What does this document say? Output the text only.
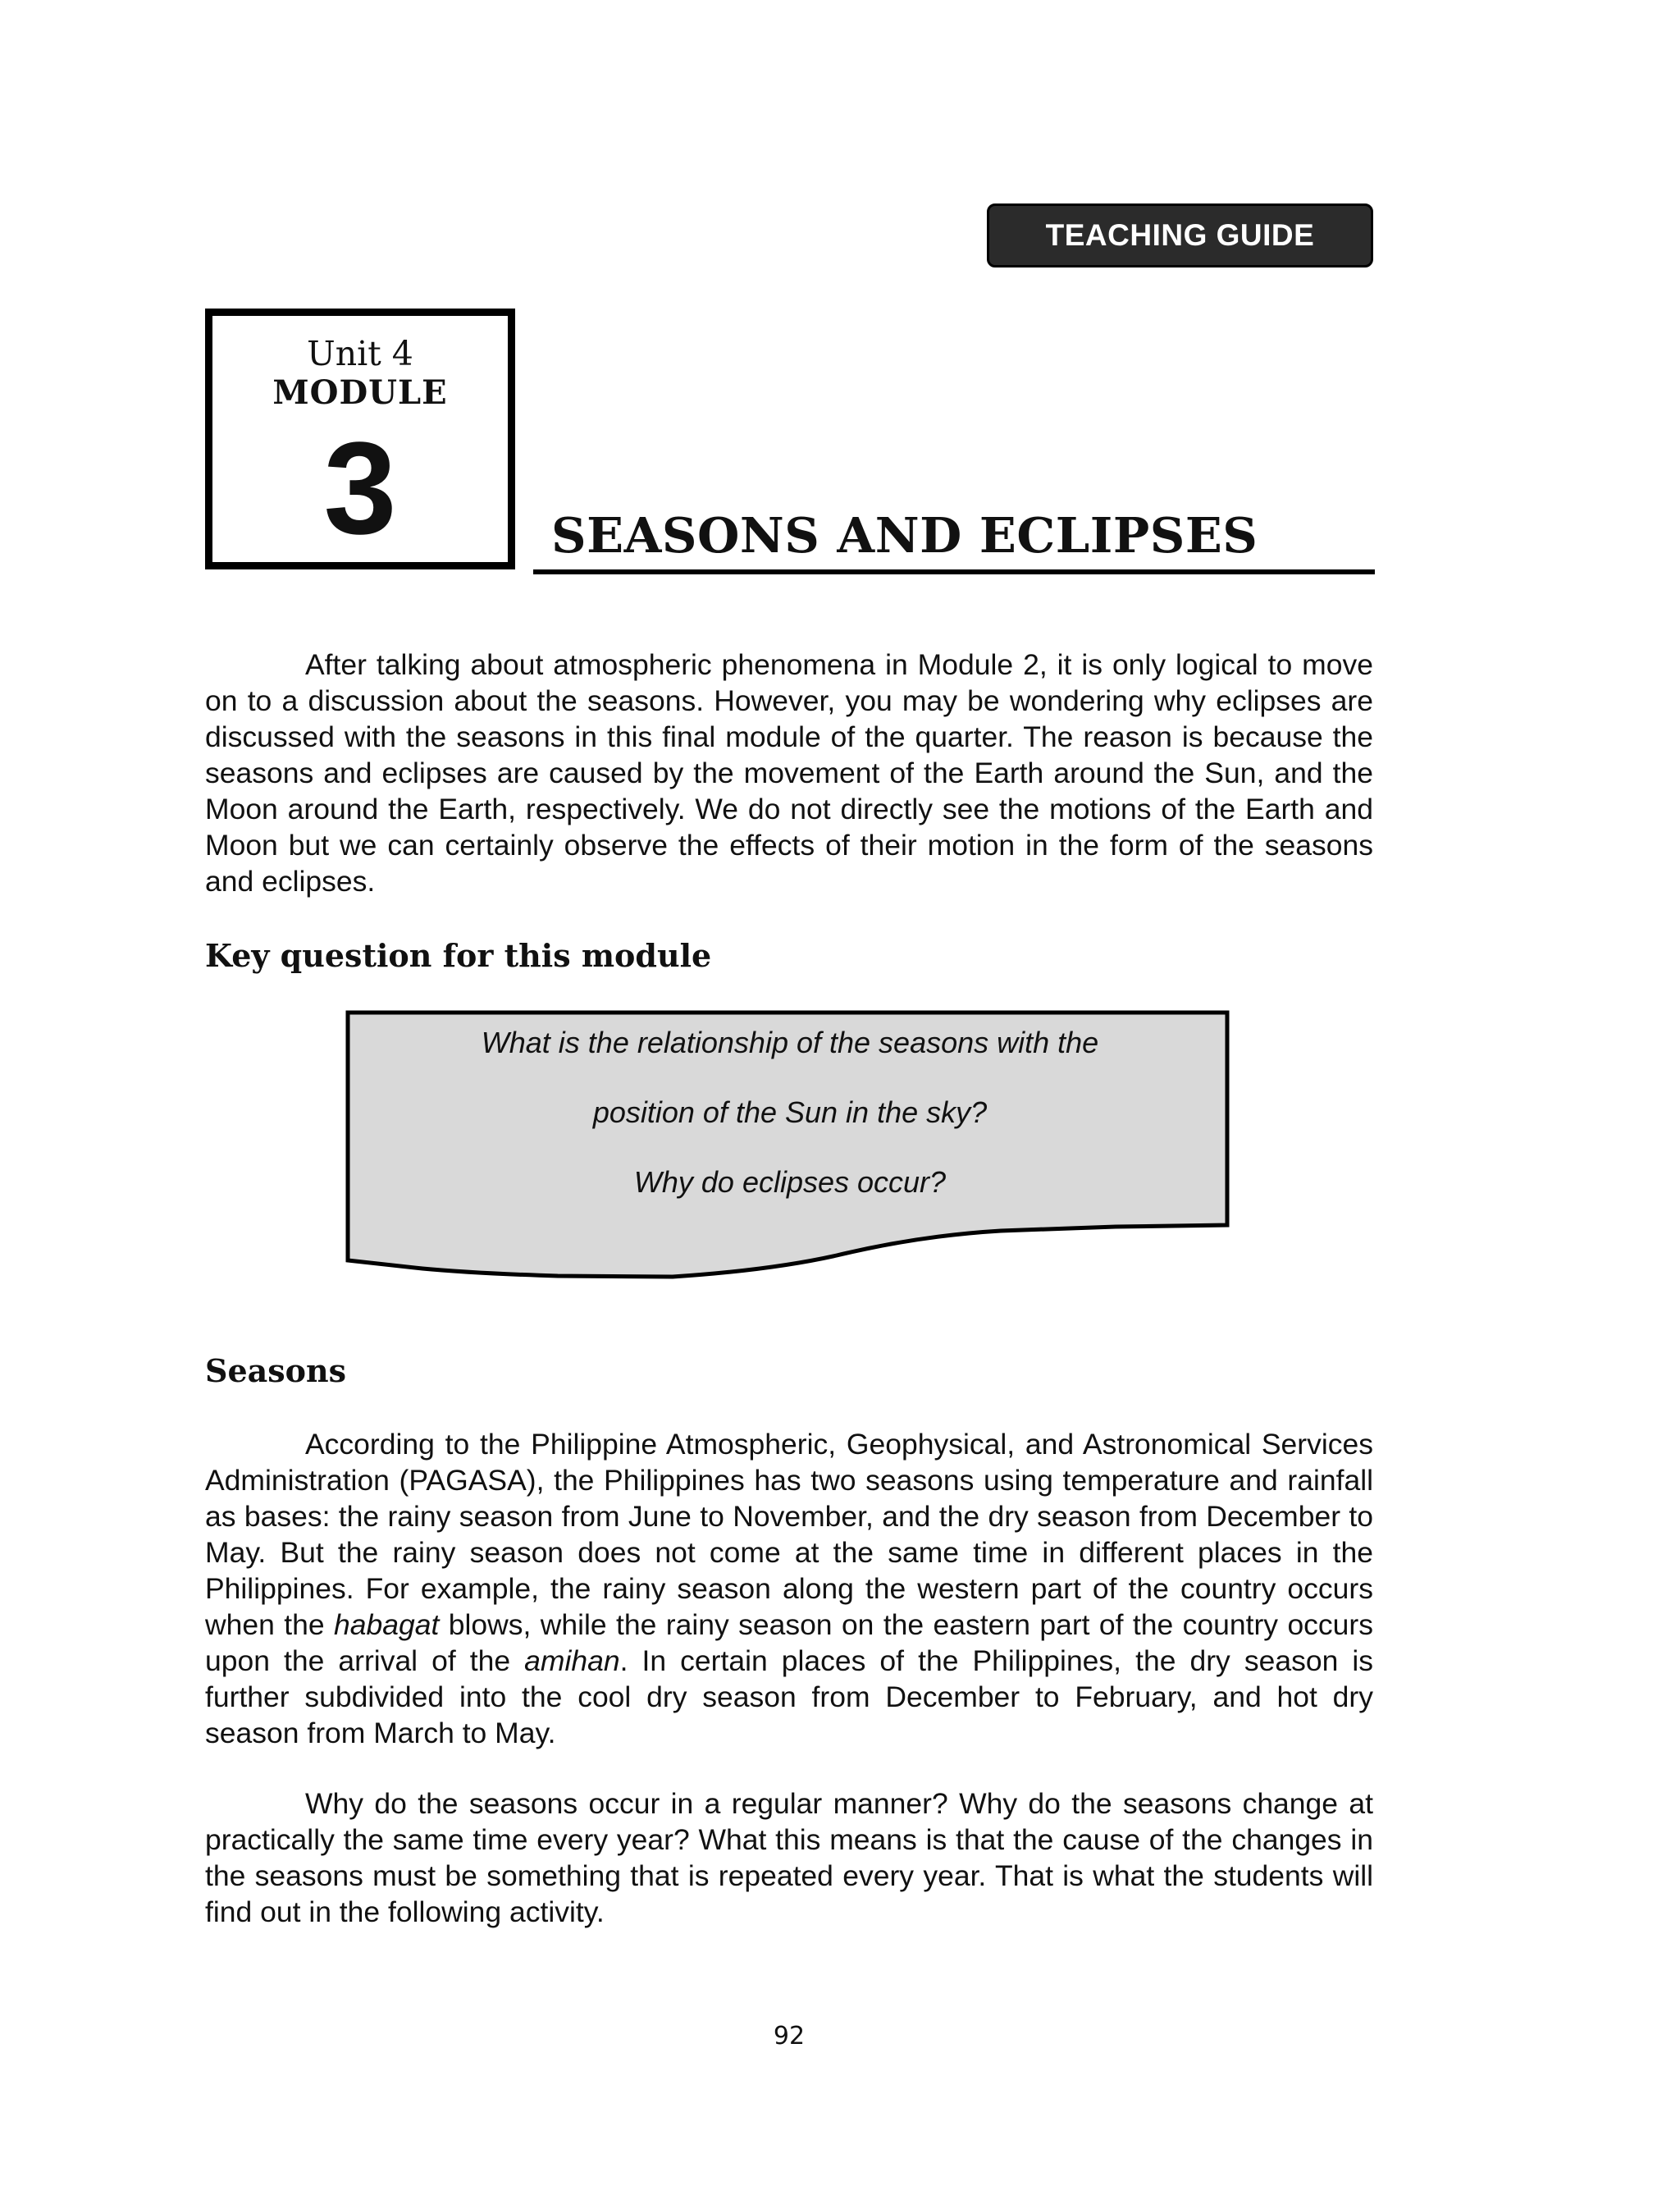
TEACHING GUIDE
Unit 4
MODULE
3	SEASONS AND ECLIPSES

After talking about atmospheric phenomena in Module 2, it is only logical to move on to a discussion about the seasons. However, you may be wondering why eclipses are discussed with the seasons in this final module of the quarter. The reason is because the seasons and eclipses are caused by the movement of the Earth around the Sun, and the Moon around the Earth, respectively. We do not directly see the motions of the Earth and Moon but we can certainly observe the effects of their motion in the form of the seasons and eclipses.

Key question for this module
What is the relationship of the seasons with the
position of the Sun in the sky?
Why do eclipses occur?
Seasons

According to the Philippine Atmospheric, Geophysical, and Astronomical Services Administration (PAGASA), the Philippines has two seasons using temperature and rainfall as bases: the rainy season from June to November, and the dry season from December to May. But the rainy season does not come at the same time in different places in the Philippines. For example, the rainy season along the western part of the country occurs when the habagat blows, while the rainy season on the eastern part of the country occurs upon the arrival of the amihan. In certain places of the Philippines, the dry season is further subdivided into the cool dry season from December to February, and hot dry season from March to May.

Why do the seasons occur in a regular manner? Why do the seasons change at practically the same time every year? What this means is that the cause of the changes in the seasons must be something that is repeated every year. That is what the students will find out in the following activity.

92
